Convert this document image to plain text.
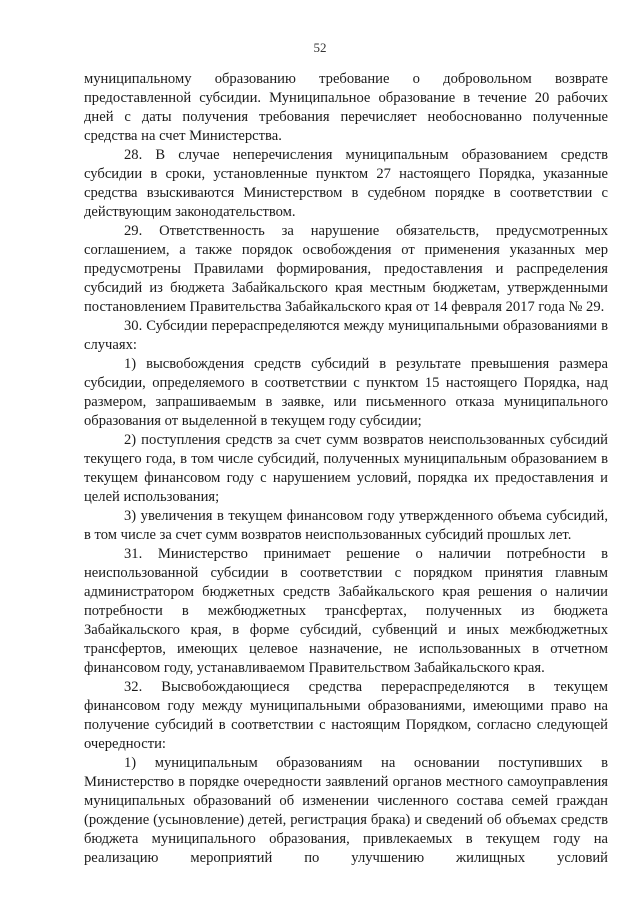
52

муниципальному образованию требование о добровольном возврате предоставленной субсидии. Муниципальное образование в течение 20 рабочих дней с даты получения требования перечисляет необоснованно полученные средства на счет Министерства.

28. В случае неперечисления муниципальным образованием средств субсидии в сроки, установленные пунктом 27 настоящего Порядка, указанные средства взыскиваются Министерством в судебном порядке в соответствии с действующим законодательством.

29. Ответственность за нарушение обязательств, предусмотренных соглашением, а также порядок освобождения от применения указанных мер предусмотрены Правилами формирования, предоставления и распределения субсидий из бюджета Забайкальского края местным бюджетам, утвержденными постановлением Правительства Забайкальского края от 14 февраля 2017 года № 29.

30. Субсидии перераспределяются между муниципальными образованиями в случаях:

1) высвобождения средств субсидий в результате превышения размера субсидии, определяемого в соответствии с пунктом 15 настоящего Порядка, над размером, запрашиваемым в заявке, или письменного отказа муниципального образования от выделенной в текущем году субсидии;

2) поступления средств за счет сумм возвратов неиспользованных субсидий текущего года, в том числе субсидий, полученных муниципальным образованием в текущем финансовом году с нарушением условий, порядка их предоставления и целей использования;

3) увеличения в текущем финансовом году утвержденного объема субсидий, в том числе за счет сумм возвратов неиспользованных субсидий прошлых лет.

31. Министерство принимает решение о наличии потребности в неиспользованной субсидии в соответствии с порядком принятия главным администратором бюджетных средств Забайкальского края решения о наличии потребности в межбюджетных трансфертах, полученных из бюджета Забайкальского края, в форме субсидий, субвенций и иных межбюджетных трансфертов, имеющих целевое назначение, не использованных в отчетном финансовом году, устанавливаемом Правительством Забайкальского края.

32. Высвобождающиеся средства перераспределяются в текущем финансовом году между муниципальными образованиями, имеющими право на получение субсидий в соответствии с настоящим Порядком, согласно следующей очередности:

1) муниципальным образованиям на основании поступивших в Министерство в порядке очередности заявлений органов местного самоуправления муниципальных образований об изменении численного состава семей граждан (рождение (усыновление) детей, регистрация брака) и сведений об объемах средств бюджета муниципального образования, привлекаемых в текущем году на реализацию мероприятий по улучшению жилищных условий
